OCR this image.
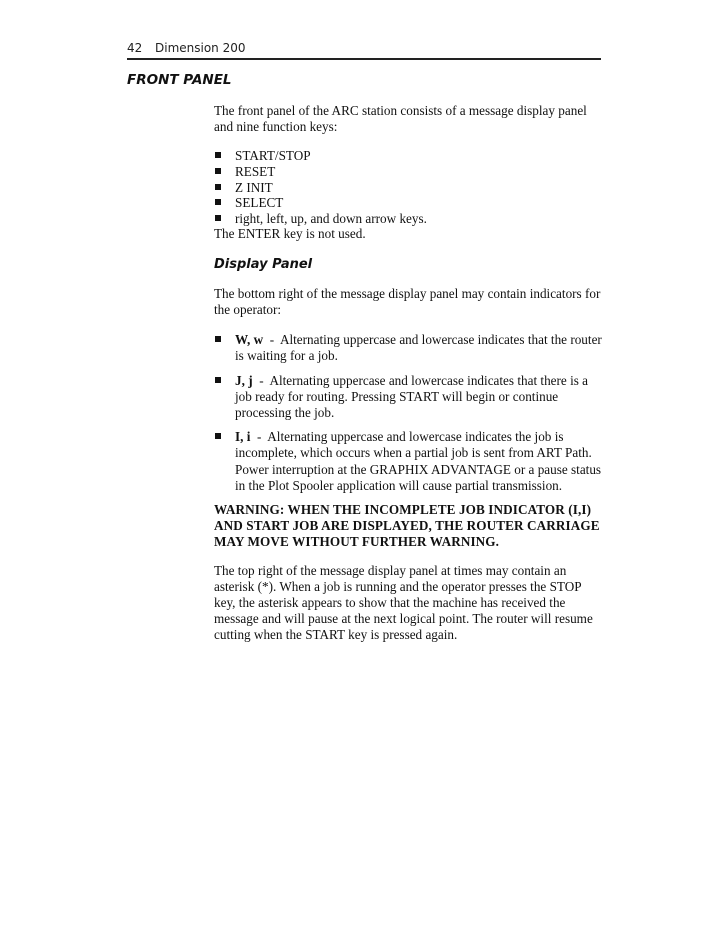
42 Dimension 200
FRONT PANEL

The front panel of the ARC station consists of a message display panel and nine function keys:

START/STOP
RESET
Z INIT
SELECT
right, left, up, and down arrow keys.

The ENTER key is not used.

Display Panel

The bottom right of the message display panel may contain indicators for the operator:

W, w  -  Alternating uppercase and lowercase indicates that the router is waiting for a job.
J, j  -  Alternating uppercase and lowercase indicates that there is a job ready for routing. Pressing START will begin or continue processing the job.
I, i  -  Alternating uppercase and lowercase indicates the job is incomplete, which occurs when a partial job is sent from ART Path. Power interruption at the GRAPHIX ADVANTAGE or a pause status in the Plot Spooler application will cause partial transmission.

WARNING: WHEN THE INCOMPLETE JOB INDICATOR (I,I) AND START JOB ARE DISPLAYED, THE ROUTER CARRIAGE MAY MOVE WITHOUT FURTHER WARNING.

The top right of the message display panel at times may contain an asterisk (*). When a job is running and the operator presses the STOP key, the asterisk appears to show that the machine has received the message and will pause at the next logical point. The router will resume cutting when the START key is pressed again.
